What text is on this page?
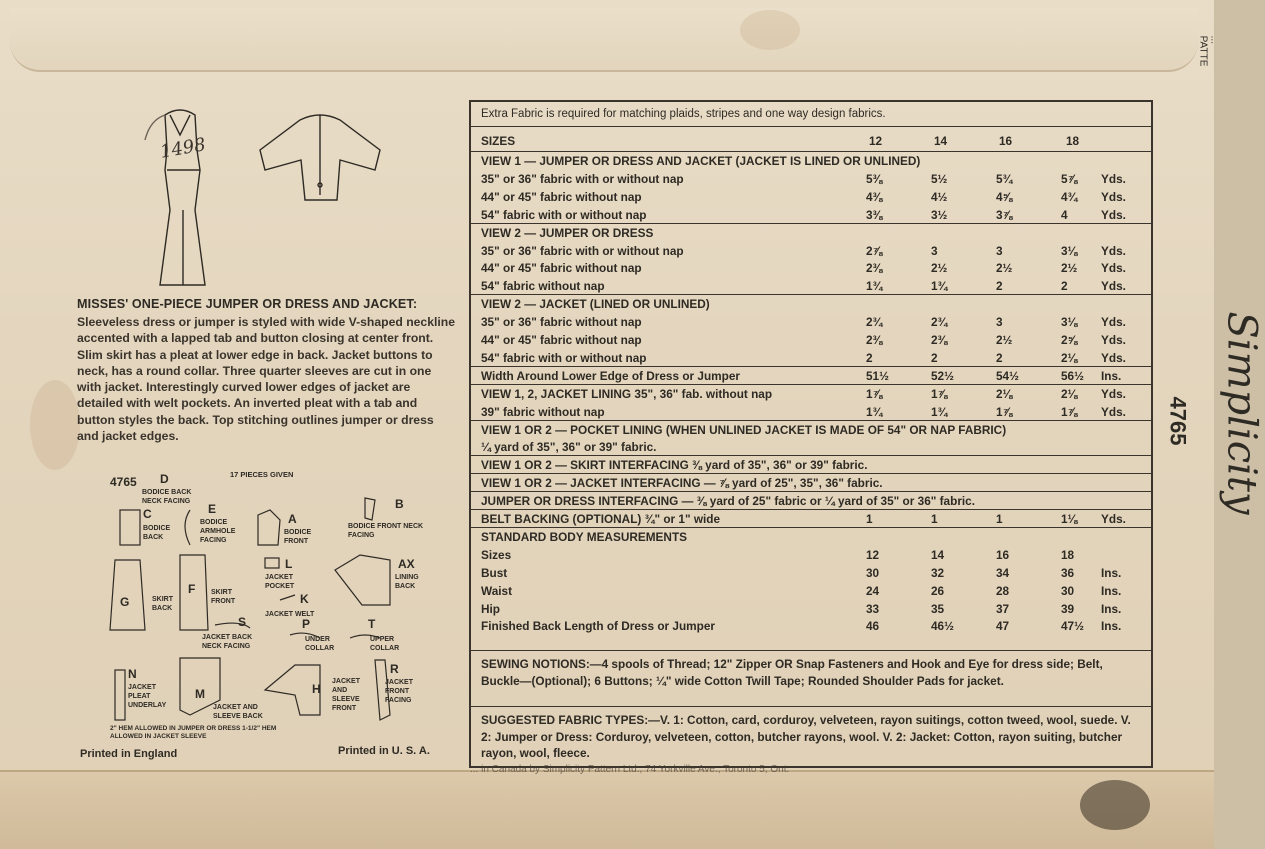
1498
MISSES' ONE-PIECE JUMPER OR DRESS AND JACKET:
Sleeveless dress or jumper is styled with wide V-shaped neckline accented with a lapped tab and button closing at center front. Slim skirt has a pleat at lower edge in back. Jacket buttons to neck, has a round collar. Three quarter sleeves are cut in one with jacket. Interestingly curved lower edges of jacket are detailed with welt pockets. An inverted pleat with a tab and button styles the back. Top stitching outlines jumper or dress and jacket edges.
4765
17 PIECES GIVEN
D
BODICE BACK NECK FACING
C
BODICE BACK
E
BODICE ARMHOLE FACING
A
BODICE FRONT
B
BODICE FRONT NECK FACING
G	SKIRT BACK
F SKIRT FRONT
L
JACKET POCKET
K
JACKET WELT
AX
LINING BACK
S
JACKET BACK NECK FACING
P
UNDER COLLAR
T
UPPER COLLAR
N
JACKET PLEAT UNDERLAY
M
JACKET AND SLEEVE BACK
H
JACKET AND SLEEVE FRONT
R
JACKET FRONT FACING
2" HEM ALLOWED IN JUMPER OR DRESS 1-1/2" HEM ALLOWED IN JACKET SLEEVE
Printed in England	Printed in U. S. A.
Extra Fabric is required for matching plaids, stripes and one way design fabrics.
SIZES	12	14	16	18
VIEW 1 — JUMPER OR DRESS AND JACKET (JACKET IS LINED OR UNLINED)
35" or 36" fabric with or without nap	5⅜	5½	5¾	5⅞ Yds.
44" or 45" fabric without nap	4⅜	4½	4⅝	4¾ Yds.
54" fabric with or without nap	3⅜	3½	3⅞	4	Yds.
VIEW 2 — JUMPER OR DRESS
35" or 36" fabric with or without nap	2⅞	3	3	3⅛ Yds.
44" or 45" fabric without nap	2⅜	2½	2½	2½ Yds.
54" fabric without nap	1¾	1¾	2	2	Yds.
VIEW 2 — JACKET (LINED OR UNLINED)
35" or 36" fabric without nap	2¾	2¾	3	3⅛ Yds.
44" or 45" fabric without nap	2⅜	2⅜	2½	2⅝ Yds.
54" fabric with or without nap	2	2	2	2⅛ Yds.
Width Around Lower Edge of Dress or Jumper	51½	52½	54½	56½ Ins.
VIEW 1, 2, JACKET LINING 35", 36" fab. without nap	1⅞	1⅞	2⅛	2⅛ Yds.
39" fabric without nap	1¾	1¾	1⅞	1⅞ Yds.
VIEW 1 OR 2 — POCKET LINING (WHEN UNLINED JACKET IS MADE OF 54" OR NAP FABRIC)
¼ yard of 35", 36" or 39" fabric.
VIEW 1 OR 2 — SKIRT INTERFACING ⅜ yard of 35", 36" or 39" fabric.
VIEW 1 OR 2 — JACKET INTERFACING — ⅞ yard of 25", 35", 36" fabric.
JUMPER OR DRESS INTERFACING — ⅜ yard of 25" fabric or ¼ yard of 35" or 36" fabric.
BELT BACKING (OPTIONAL) ¾" or 1" wide	1	1	1	1⅛ Yds.
STANDARD BODY MEASUREMENTS
Sizes	12	14	16	18
Bust	30	32	34	36 Ins.
Waist	24	26	28	30 Ins.
Hip	33	35	37	39 Ins.
Finished Back Length of Dress or Jumper	46	46½	47	47½ Ins.
SEWING NOTIONS:—4 spools of Thread; 12" Zipper OR Snap Fasteners and Hook and Eye for dress side; Belt, Buckle—(Optional); 6 Buttons; ¼" wide Cotton Twill Tape; Rounded Shoulder Pads for jacket.
SUGGESTED FABRIC TYPES:—V. 1: Cotton, card, corduroy, velveteen, rayon suitings, cotton tweed, wool, suede. V. 2: Jumper or Dress: Corduroy, velveteen, cotton, butcher rayons, wool. V. 2: Jacket: Cotton, rayon suiting, butcher rayon, wool, fleece.
... in Canada by Simplicity Pattern Ltd., 74 Yorkville Ave., Toronto 5, Ont.
Simplicity
4765
... PATTE
